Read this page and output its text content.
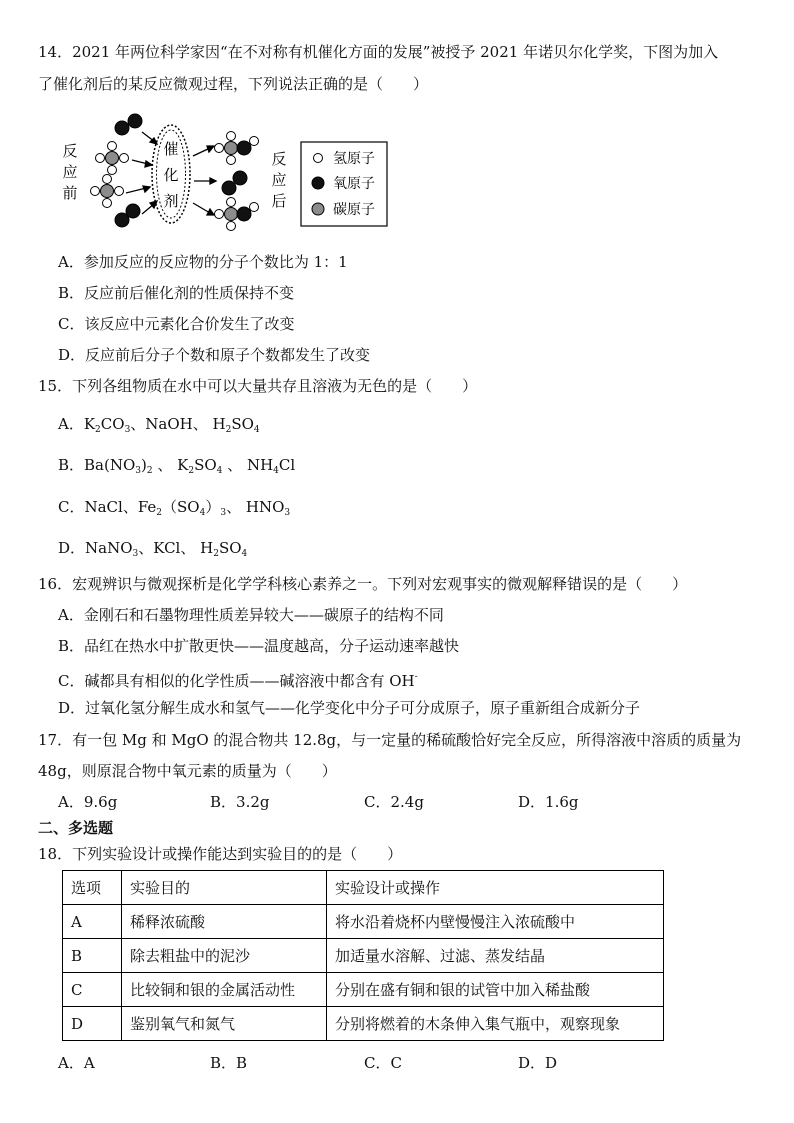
14．2021 年两位科学家因“在不对称有机催化方面的发展”被授予 2021 年诺贝尔化学奖，下图为加入
了催化剂后的某反应微观过程，下列说法正确的是（　　）
反
应
前
催
化
剂
反
应
后
氢原子
氧原子
碳原子
A．参加反应的反应物的分子个数比为 1：1
B．反应前后催化剂的性质保持不变
C．该反应中元素化合价发生了改变
D．反应前后分子个数和原子个数都发生了改变
15．下列各组物质在水中可以大量共存且溶液为无色的是（　　）
A．$K_2CO_3$、NaOH、 $H_2SO_4$
B．$Ba(NO_3)_2$ 、 $K_2SO_4$ 、 $NH_4Cl$
C．NaCl、$Fe_2(SO_4)_3$、 $HNO_3$
D．NaNO$_3$、KCl、 $H_2SO_4$
16．宏观辨识与微观探析是化学学科核心素养之一。下列对宏观事实的微观解释错误的是（　　）
A．金刚石和石墨物理性质差异较大——碳原子的结构不同
B．品红在热水中扩散更快——温度越高，分子运动速率越快
C．碱都具有相似的化学性质——碱溶液中都含有 OH-
D．过氧化氢分解生成水和氢气——化学变化中分子可分成原子，原子重新组合成新分子
17．有一包 Mg 和 MgO 的混合物共 12.8g，与一定量的稀硫酸恰好完全反应，所得溶液中溶质的质量为
48g，则原混合物中氧元素的质量为（　　）
A．9.6g	B．3.2g	C．2.4g	D．1.6g
二、多选题
18．下列实验设计或操作能达到实验目的的是（　　）
选项	实验目的	实验设计或操作
A	稀释浓硫酸	将水沿着烧杯内壁慢慢注入浓硫酸中
B	除去粗盐中的泥沙	加适量水溶解、过滤、蒸发结晶
C	比较铜和银的金属活动性	分别在盛有铜和银的试管中加入稀盐酸
D	鉴别氧气和氮气	分别将燃着的木条伸入集气瓶中，观察现象
A．A	B．B	C．C	D．D
